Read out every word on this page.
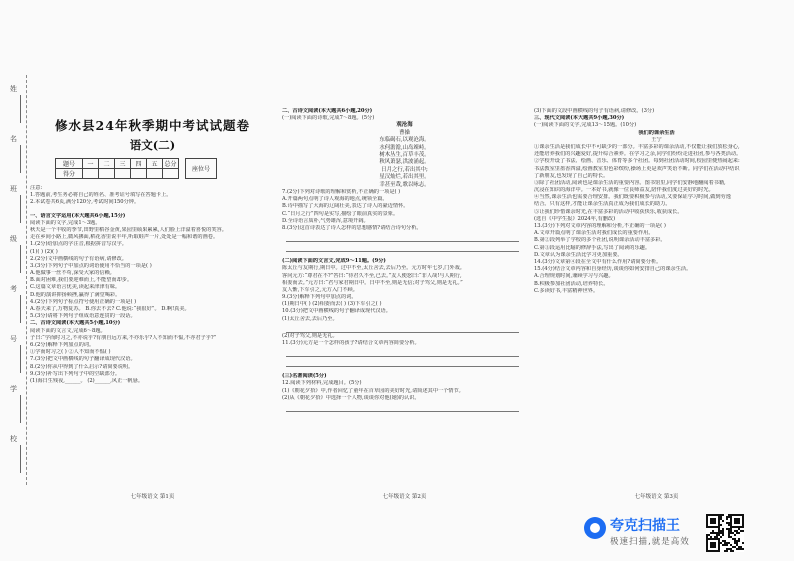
姓
名
班
级
考
号
学
校
修水县24年秋季期中考试试题卷
语文(二)
题号	一	二	三	四	五	总分
得分						
座位号
注意:
1.答题前,考生务必将自己的姓名、准考证号填写在答题卡上。
2.本试卷共6页,满分120分,考试时间150分钟。
一、语言文字运用(本大题共6小题,15分)
阅读下面的文字,完成1～3题。
秋天是一个丰收的季节,田野里稻谷金黄,果园里硕果累累,人们脸上洋溢着喜悦的笑容。
走在乡间小路上,微风拂面,稻花香里说丰年,听取蛙声一片,处处是一幅和谐的画卷。
1.(2分)给加点的字注音,根据拼音写汉字。
(1)( ) (2)( )
2.(2分)文中画横线的句子有语病,请修改。
3.(3分)下列句子中加点的词语使用不恰当的一项是( )
A.他做事一丝不苟,深受大家的信赖。
B.面对困难,我们要迎难而上,不能望而却步。
C.这篇文章语言优美,读起来津津有味。
D.他的演讲抑扬顿挫,赢得了满堂喝彩。
4.(2分)下列句子标点符号使用正确的一项是( )
A.春天来了,万物复苏。 B.你去不去? C.他说:“我很好”。 D.啊!真美。
5.(3分)请将下列句子组成语意连贯的一段话。
二、古诗文阅读(本大题共5小题,10分)
阅读下面的文言文,完成6～8题。
子曰:“学而时习之,不亦说乎?有朋自远方来,不亦乐乎?人不知而不愠,不亦君子乎?”
6.(2分)解释下列加点的词。
①学而时习之( ) ②人不知而不愠( )
7.(3分)把文中画横线的句子翻译成现代汉语。
8.(2分)你从中得到了什么启示?请简要说明。
9.(3分)补写出下列句子中的空缺部分。
(1)海日生残夜,______。 (2)______,风正一帆悬。
七年级语文 第1页
二、古诗文阅读(本大题共6小题,20分)
(一)阅读下面的诗歌,完成7～8题。(5分)
观沧海
曹操
东临碣石,以观沧海。
水何澹澹,山岛竦峙。
树木丛生,百草丰茂。
秋风萧瑟,洪波涌起。
日月之行,若出其中;
星汉灿烂,若出其里。
幸甚至哉,歌以咏志。
7.(2分)下列对诗歌的理解和赏析,不正确的一项是( )
A.开篇两句点明了诗人观海的地点,统领全篇。
B.诗中描写了大海的辽阔壮美,表达了诗人的豪迈情怀。
C.“日月之行”四句是实写,描绘了眼前真实的景象。
D.全诗语言质朴,气势雄浑,意境开阔。
8.(3分)这首诗表达了诗人怎样的思想感情?请结合诗句分析。
(二)阅读下面的文言文,完成9～11题。(9分)
陈太丘与友期行,期日中。过中不至,太丘舍去,去后乃至。元方时年七岁,门外戏。
客问元方:“尊君在不?”答曰:“待君久不至,已去。”友人便怒曰:“非人哉!与人期行,
相委而去。”元方曰:“君与家君期日中。日中不至,则是无信;对子骂父,则是无礼。”
友人惭,下车引之,元方入门不顾。
9.(3分)解释下列句中加点的词。
(1)期日中( ) (2)相委而去( ) (3)下车引之( )
10.(3分)把文中画横线的句子翻译成现代汉语。
(1)太丘舍去,去后乃至。
(2)对子骂父,则是无礼。
11.(3分)元方是一个怎样的孩子?请结合文章内容简要分析。
(三)名著阅读(5分)
12.阅读下列材料,完成题目。(5分)
(1)《朝花夕拾》中,作者回忆了童年在百草园的美好时光,请简述其中一个情节。
(2)从《朝花夕拾》中选择一个人物,谈谈你对他(她)的认识。
七年级语文 第2页
(3)下面的文段中画横线的句子有语病,请修改。(3分)
三、现代文阅读(本大题共9小题,30分)
(一)阅读下面的文字,完成13～15题。(10分)
我们的课余生活
王宁
①课余生活是我们成长中不可缺少的一部分。丰富多彩的课余活动,不仅能让我们放松身心,
还能培养我们的兴趣爱好,提升综合素养。在学习之余,同学们纷纷走进社团,参与各类活动。
②学校开设了书法、绘画、音乐、体育等多个社团。每到社团活动时间,校园里便热闹起来:
书法教室里墨香四溢,绘画教室里色彩缤纷,操场上更是欢声笑语不断。同学们在活动中结识
了新朋友,也发现了自己的特长。
③除了社团活动,阅读也是课余生活的重要内容。图书馆里,同学们安静地翻阅着书籍,
沉浸在知识的海洋中。一本好书,就像一位良师益友,陪伴我们度过美好的时光。
④当然,课余生活也需要合理安排。我们既要积极参与活动,又要保证学习时间,做到劳逸
结合。只有这样,才能让课余生活真正成为我们成长的助力。
⑤让我们珍惜课余时光,在丰富多彩的活动中收获快乐,收获成长。
(选自《中学生报》2024年,有删改)
13.(3分)下列对文章内容的理解和分析,不正确的一项是( )
A.文章开篇点明了课余生活对我们成长的重要作用。
B.第②段列举了学校的多个社团,说明课余活动丰富多彩。
C.第③段运用比喻的修辞手法,写出了阅读的乐趣。
D.文章认为课余生活比学习更加重要。
14.(3分)文章第④段在全文中有什么作用?请简要分析。
15.(4分)结合文章内容和自身经历,谈谈你如何安排自己的课余生活。
A.合理规划时间,兼顾学习与兴趣。
B.积极参加社团活动,培养特长。
C.多读好书,丰富精神世界。
七年级语文 第3页
夸克扫描王
极速扫描,就是高效
